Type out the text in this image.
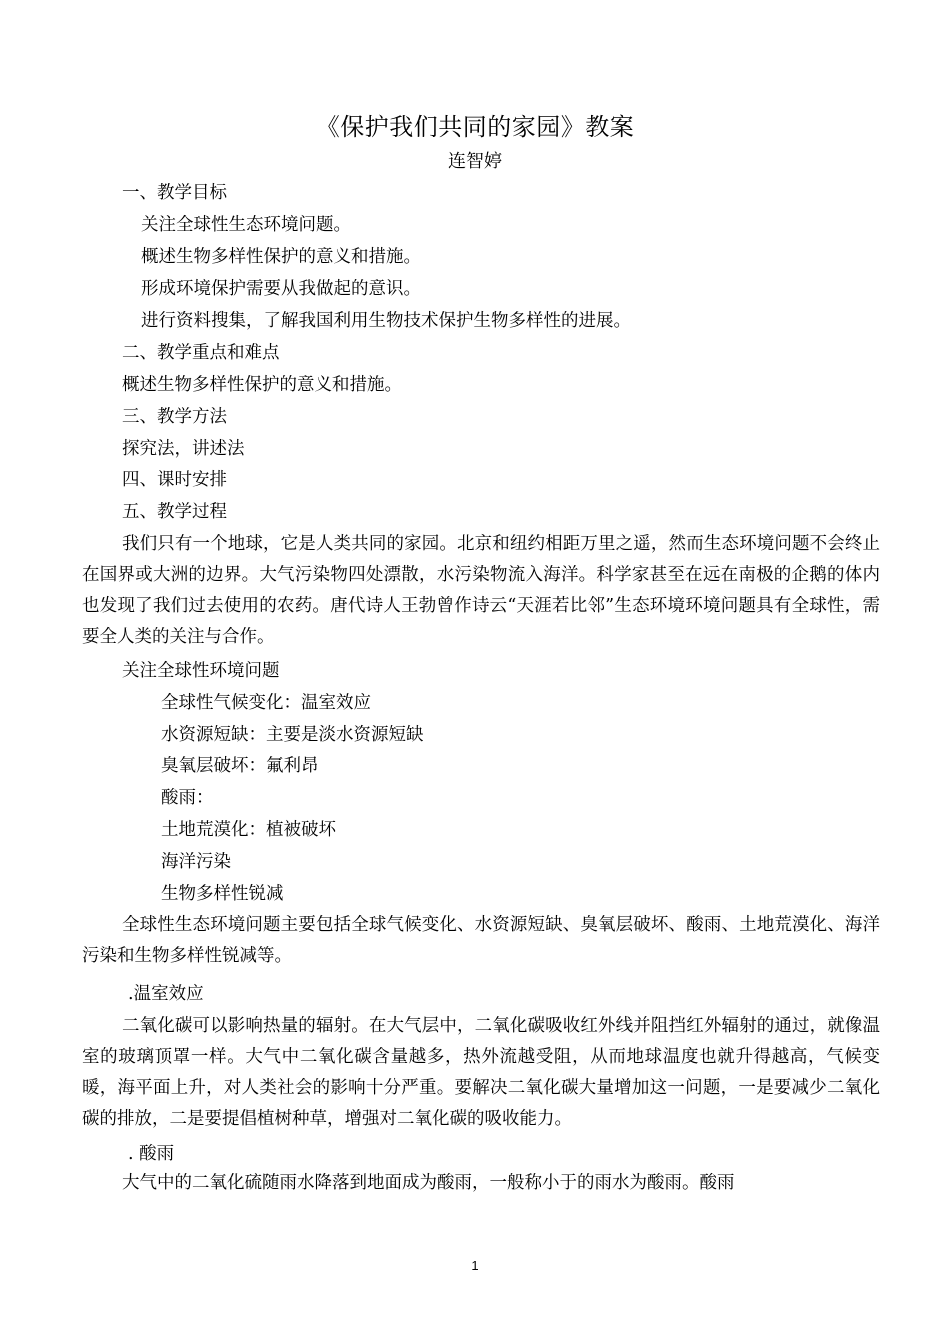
《保护我们共同的家园》教案
连智婷
一、教学目标
关注全球性生态环境问题。
概述生物多样性保护的意义和措施。
形成环境保护需要从我做起的意识。
进行资料搜集，了解我国利用生物技术保护生物多样性的进展。
二、教学重点和难点
概述生物多样性保护的意义和措施。
三、教学方法
探究法，讲述法
四、课时安排
五、教学过程
我们只有一个地球，它是人类共同的家园。北京和纽约相距万里之遥，然而生态环境问题不会终止在国界或大洲的边界。大气污染物四处漂散，水污染物流入海洋。科学家甚至在远在南极的企鹅的体内也发现了我们过去使用的农药。唐代诗人王勃曾作诗云“天涯若比邻”生态环境环境问题具有全球性，需要全人类的关注与合作。
关注全球性环境问题
全球性气候变化：温室效应
水资源短缺：主要是淡水资源短缺
臭氧层破坏：氟利昂
酸雨：
土地荒漠化：植被破坏
海洋污染
生物多样性锐减
全球性生态环境问题主要包括全球气候变化、水资源短缺、臭氧层破坏、酸雨、土地荒漠化、海洋污染和生物多样性锐减等。
.温室效应
二氧化碳可以影响热量的辐射。在大气层中，二氧化碳吸收红外线并阻挡红外辐射的通过，就像温室的玻璃顶罩一样。大气中二氧化碳含量越多，热外流越受阻，从而地球温度也就升得越高，气候变暖，海平面上升，对人类社会的影响十分严重。要解决二氧化碳大量增加这一问题，一是要减少二氧化碳的排放，二是要提倡植树种草，增强对二氧化碳的吸收能力。
. 酸雨
大气中的二氧化硫随雨水降落到地面成为酸雨，一般称小于的雨水为酸雨。酸雨
1
